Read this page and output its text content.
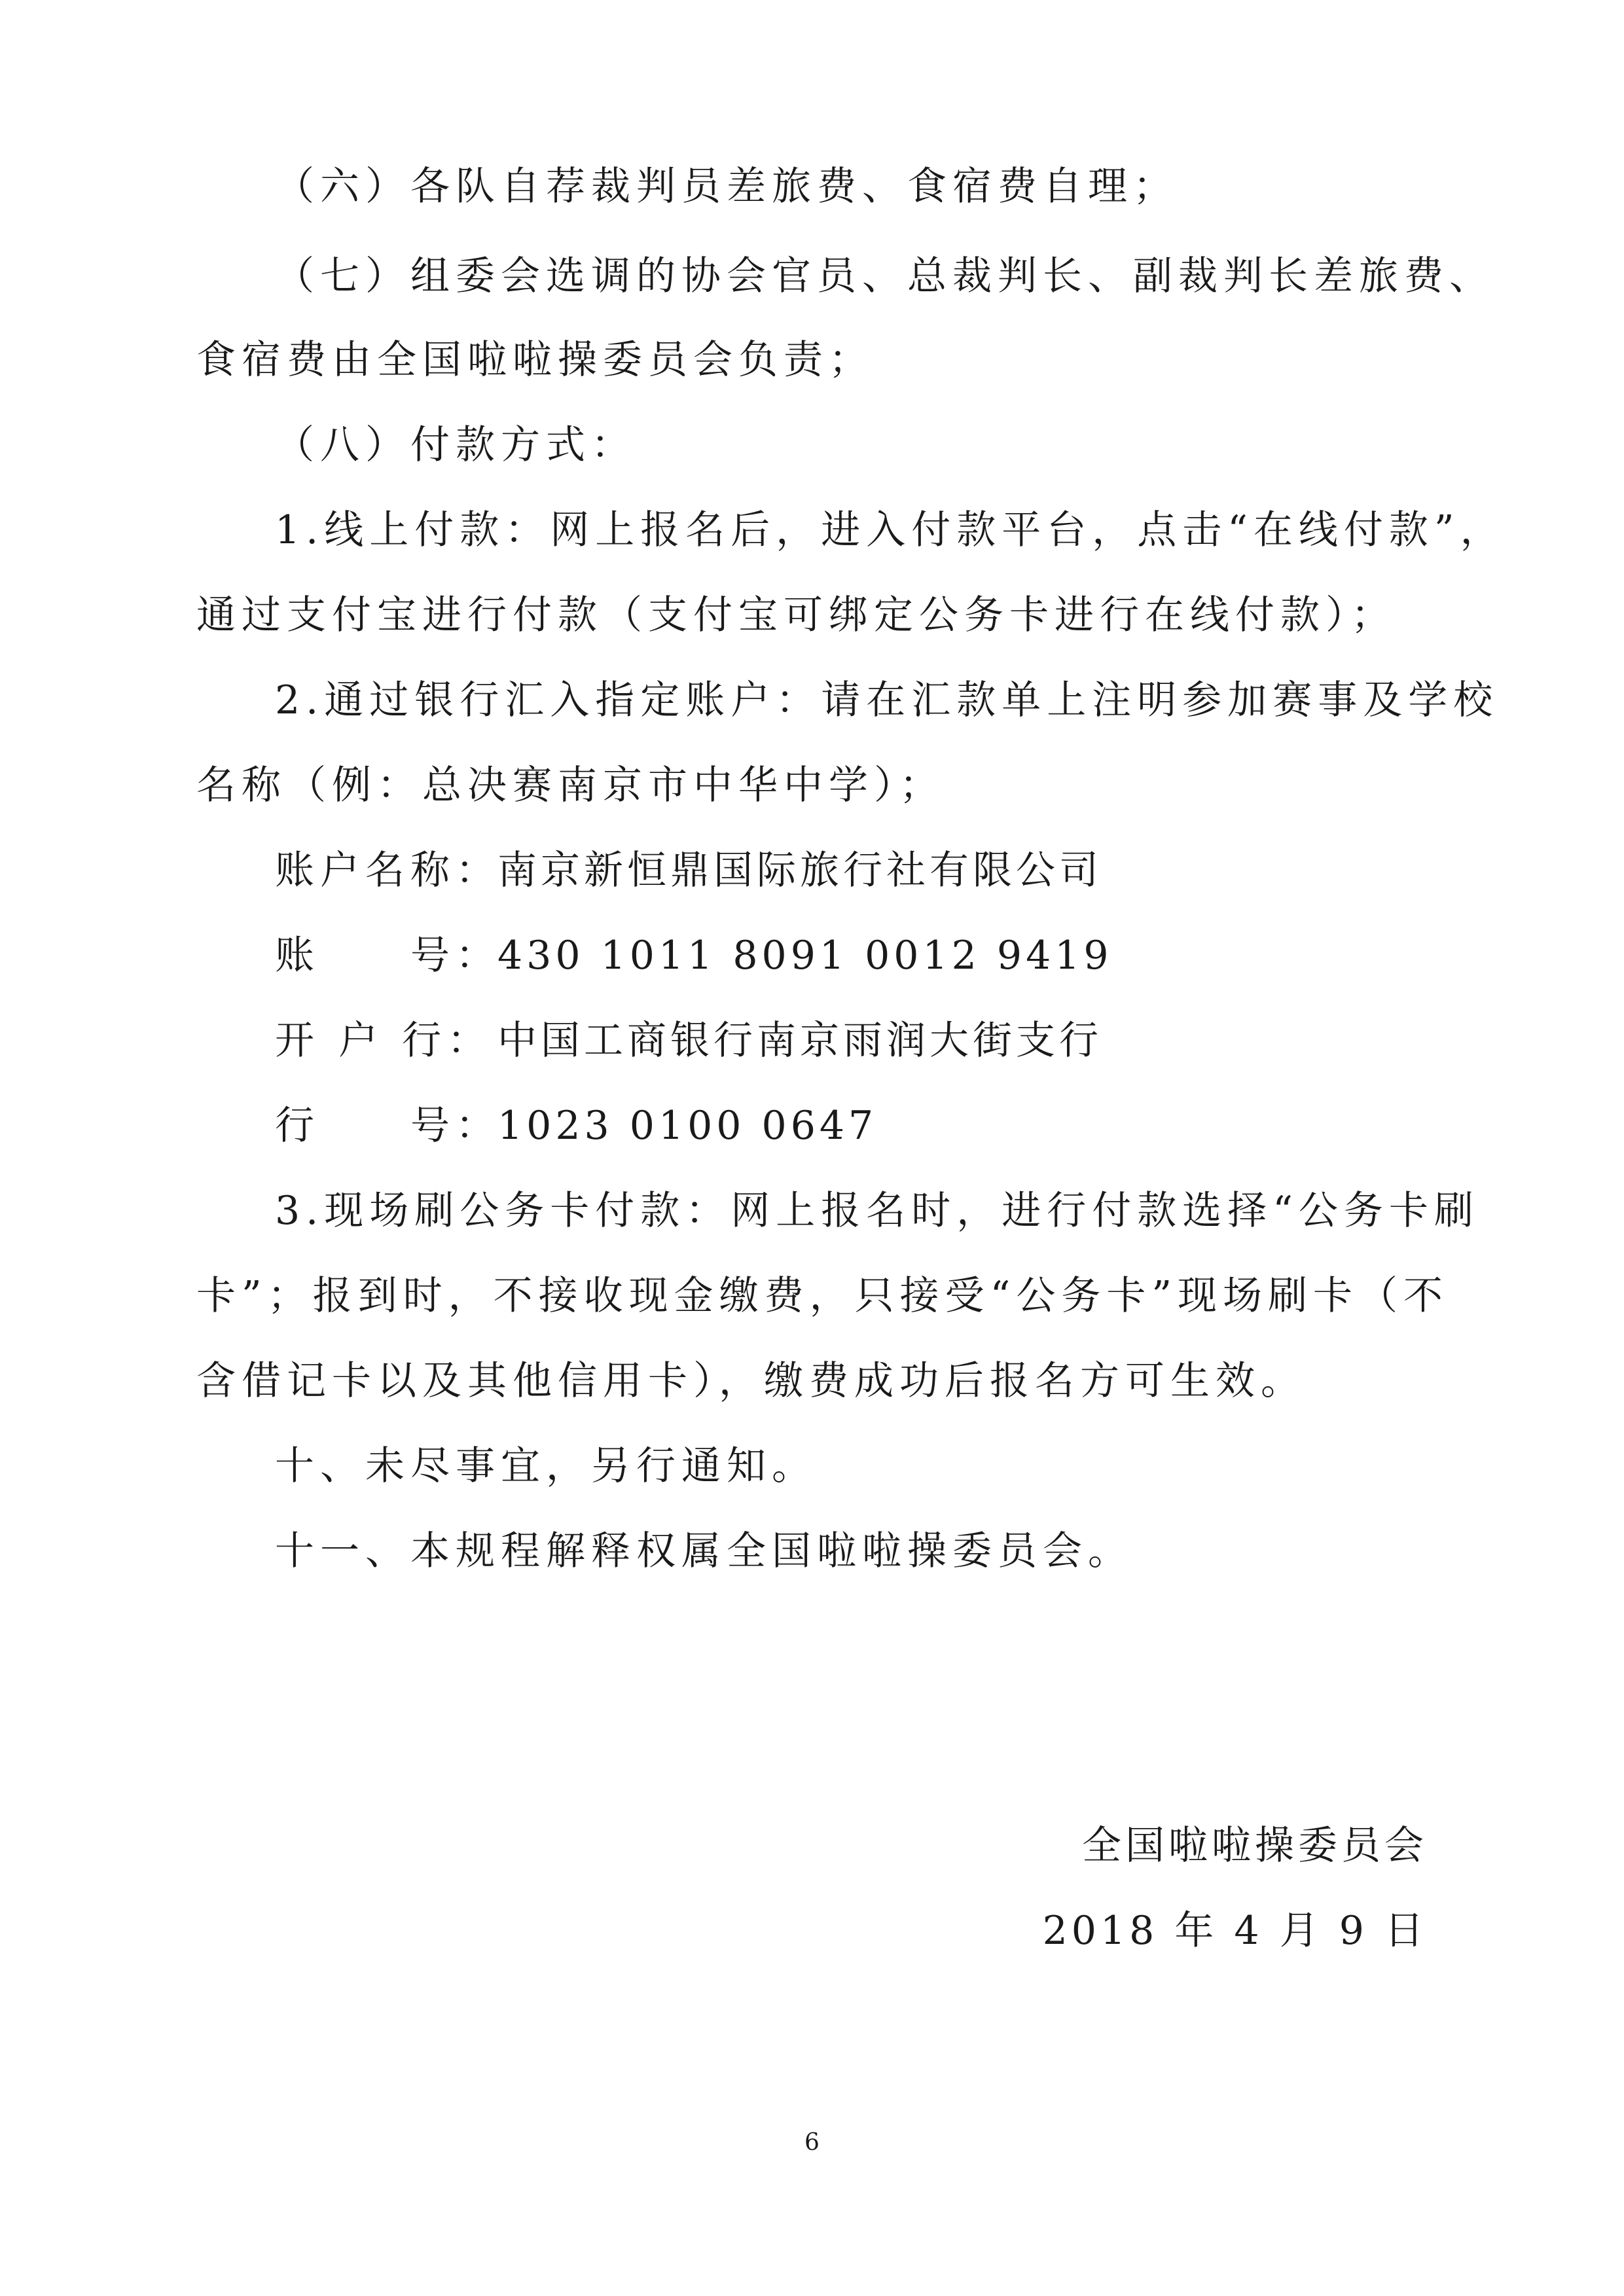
（六）各队自荐裁判员差旅费、食宿费自理；
（七）组委会选调的协会官员、总裁判长、副裁判长差旅费、
食宿费由全国啦啦操委员会负责；
（八）付款方式：
1.线上付款：网上报名后，进入付款平台，点击“在线付款”，
通过支付宝进行付款（支付宝可绑定公务卡进行在线付款）；
2.通过银行汇入指定账户：请在汇款单上注明参加赛事及学校
名称（例：总决赛南京市中华中学）；
账户名称：
南京新恒鼎国际旅行社有限公司
账　　号：
430 1011 8091 0012 9419
开 户 行： 中国工商银行南京雨润大街支行
行　　号：
1023 0100 0647
3.现场刷公务卡付款：网上报名时，进行付款选择“公务卡刷
卡”；报到时，不接收现金缴费，只接受“公务卡”现场刷卡（不
含借记卡以及其他信用卡），缴费成功后报名方可生效。
十、未尽事宜，另行通知。
十一、本规程解释权属全国啦啦操委员会。
全国啦啦操委员会
2018 年 4 月 9 日
6
